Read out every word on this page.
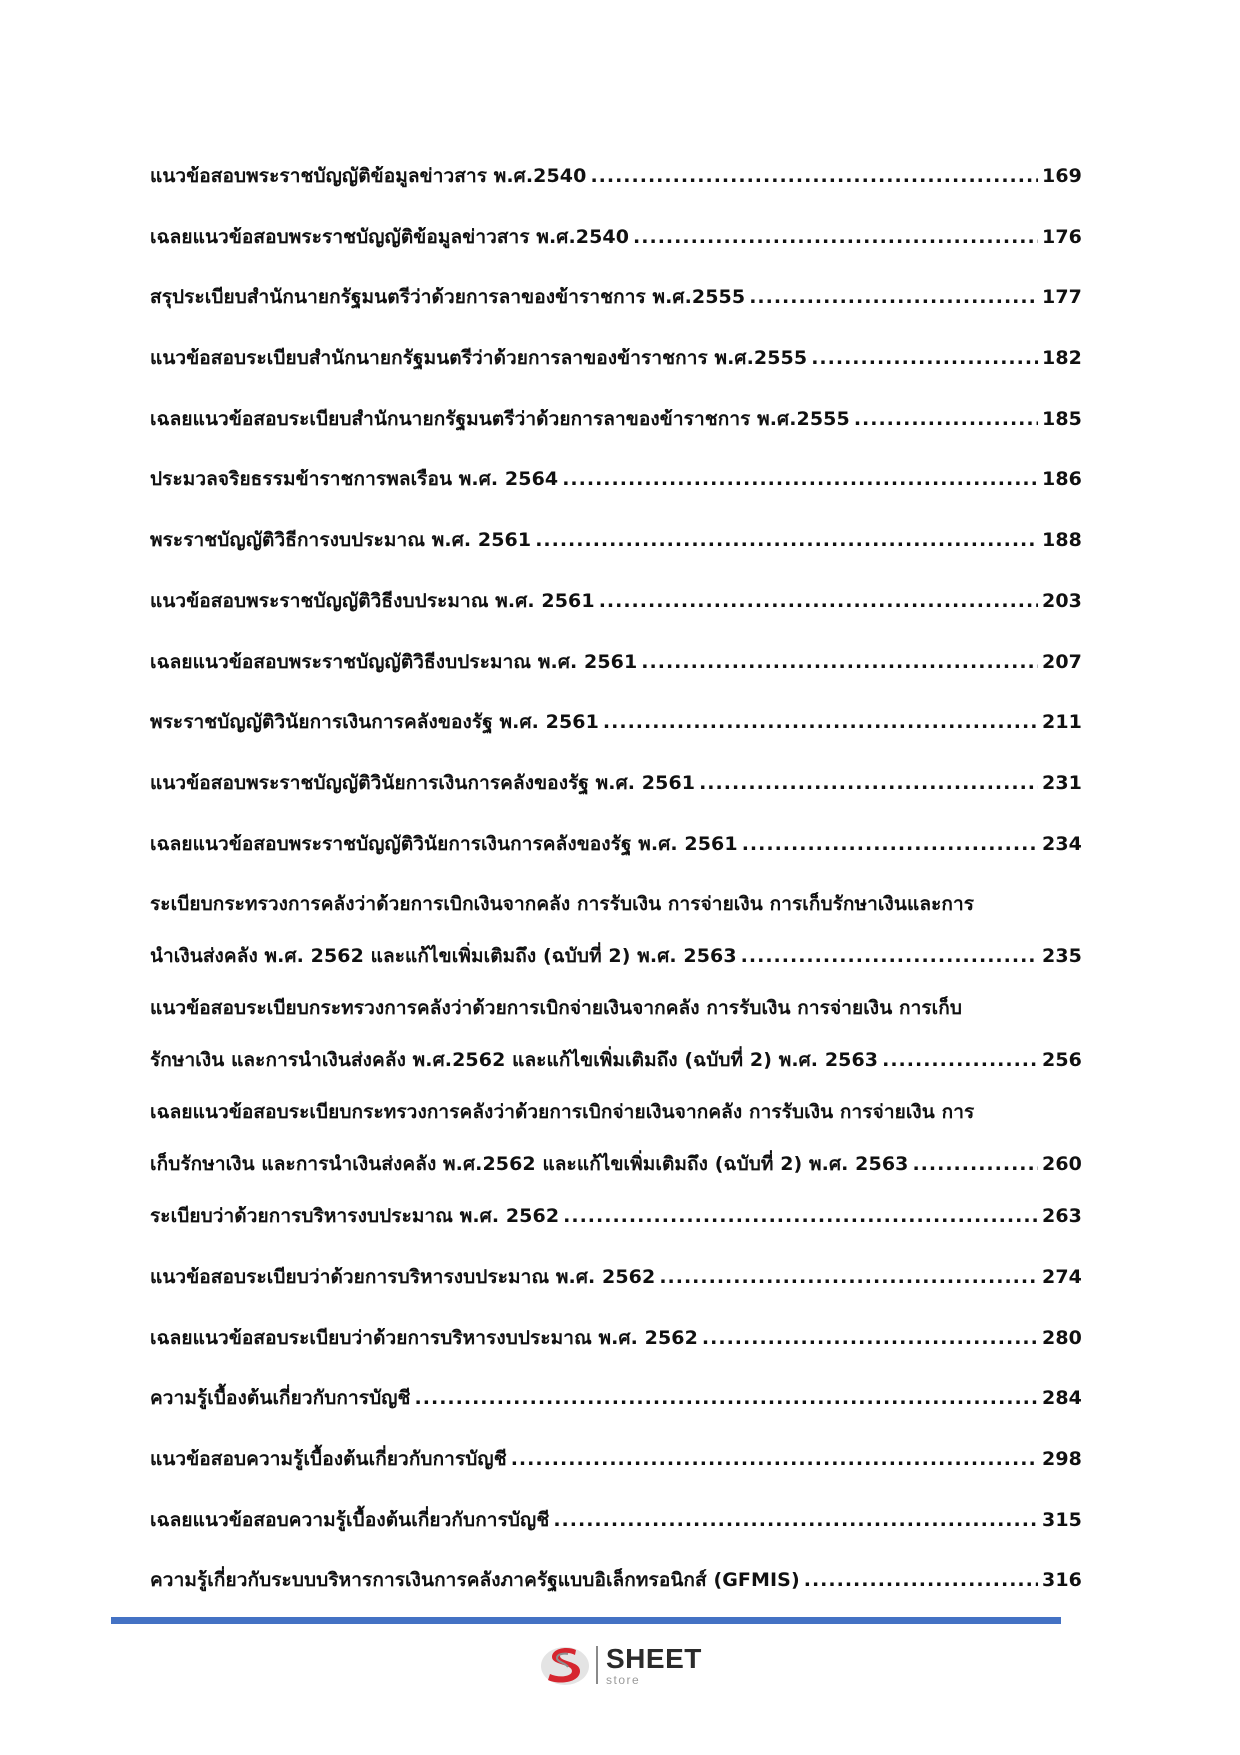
แนวข้อสอบพระราชบัญญัติข้อมูลข่าวสาร พ.ศ.2540 .....	169
เฉลยแนวข้อสอบพระราชบัญญัติข้อมูลข่าวสาร พ.ศ.2540 .....	176
สรุประเบียบสำนักนายกรัฐมนตรีว่าด้วยการลาของข้าราชการ พ.ศ.2555 .....	177
แนวข้อสอบระเบียบสำนักนายกรัฐมนตรีว่าด้วยการลาของข้าราชการ พ.ศ.2555 .....	182
เฉลยแนวข้อสอบระเบียบสำนักนายกรัฐมนตรีว่าด้วยการลาของข้าราชการ พ.ศ.2555 .....	185
ประมวลจริยธรรมข้าราชการพลเรือน พ.ศ. 2564 .....	186
พระราชบัญญัติวิธีการงบประมาณ พ.ศ. 2561 .....	188
แนวข้อสอบพระราชบัญญัติวิธีงบประมาณ พ.ศ. 2561 .....	203
เฉลยแนวข้อสอบพระราชบัญญัติวิธีงบประมาณ พ.ศ. 2561 .....	207
พระราชบัญญัติวินัยการเงินการคลังของรัฐ พ.ศ. 2561 .....	211
แนวข้อสอบพระราชบัญญัติวินัยการเงินการคลังของรัฐ พ.ศ. 2561 .....	231
เฉลยแนวข้อสอบพระราชบัญญัติวินัยการเงินการคลังของรัฐ พ.ศ. 2561 .....	234
ระเบียบกระทรวงการคลังว่าด้วยการเบิกเงินจากคลัง การรับเงิน การจ่ายเงิน การเก็บรักษาเงินและการ
นำเงินส่งคลัง พ.ศ. 2562 และแก้ไขเพิ่มเติมถึง (ฉบับที่ 2) พ.ศ. 2563 .....	235
แนวข้อสอบระเบียบกระทรวงการคลังว่าด้วยการเบิกจ่ายเงินจากคลัง การรับเงิน การจ่ายเงิน การเก็บ
รักษาเงิน และการนำเงินส่งคลัง พ.ศ.2562 และแก้ไขเพิ่มเติมถึง (ฉบับที่ 2) พ.ศ. 2563 .....	256
เฉลยแนวข้อสอบระเบียบกระทรวงการคลังว่าด้วยการเบิกจ่ายเงินจากคลัง การรับเงิน การจ่ายเงิน การ
เก็บรักษาเงิน และการนำเงินส่งคลัง พ.ศ.2562 และแก้ไขเพิ่มเติมถึง (ฉบับที่ 2) พ.ศ. 2563 .....	260
ระเบียบว่าด้วยการบริหารงบประมาณ พ.ศ. 2562 .....	263
แนวข้อสอบระเบียบว่าด้วยการบริหารงบประมาณ พ.ศ. 2562 .....	274
เฉลยแนวข้อสอบระเบียบว่าด้วยการบริหารงบประมาณ พ.ศ. 2562 .....	280
ความรู้เบื้องต้นเกี่ยวกับการบัญชี .....	284
แนวข้อสอบความรู้เบื้องต้นเกี่ยวกับการบัญชี .....	298
เฉลยแนวข้อสอบความรู้เบื้องต้นเกี่ยวกับการบัญชี .....	315
ความรู้เกี่ยวกับระบบบริหารการเงินการคลังภาครัฐแบบอิเล็กทรอนิกส์ (GFMIS) .....	316
SHEET
store
